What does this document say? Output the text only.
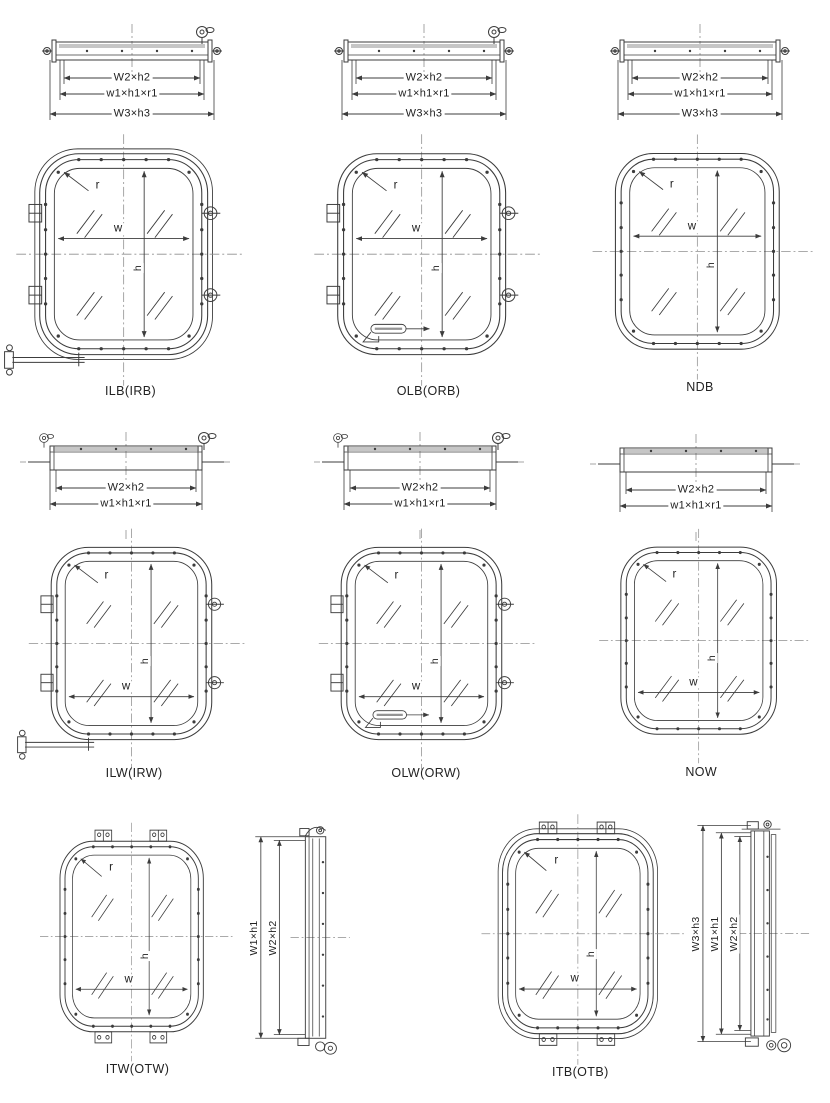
W2×h2
w1×h1×r1
W3×h3
W2×h2
w1×h1×r1
W3×h3
W2×h2
w1×h1×r1
W3×h3
r
w
h
ILB(IRB)
r
w
h
OLB(ORB)
r
w
h
NDB
W2×h2
w1×h1×r1
W2×h2
w1×h1×r1
W2×h2
w1×h1×r1
r
w
h
ILW(IRW)
r
w
h
OLW(ORW)
r
w
h
NOW
r
w
h
ITW(OTW)
W1×h1 W2×h2
r
w
h
ITB(OTB)
W3×h3 W1×h1 W2×h2
